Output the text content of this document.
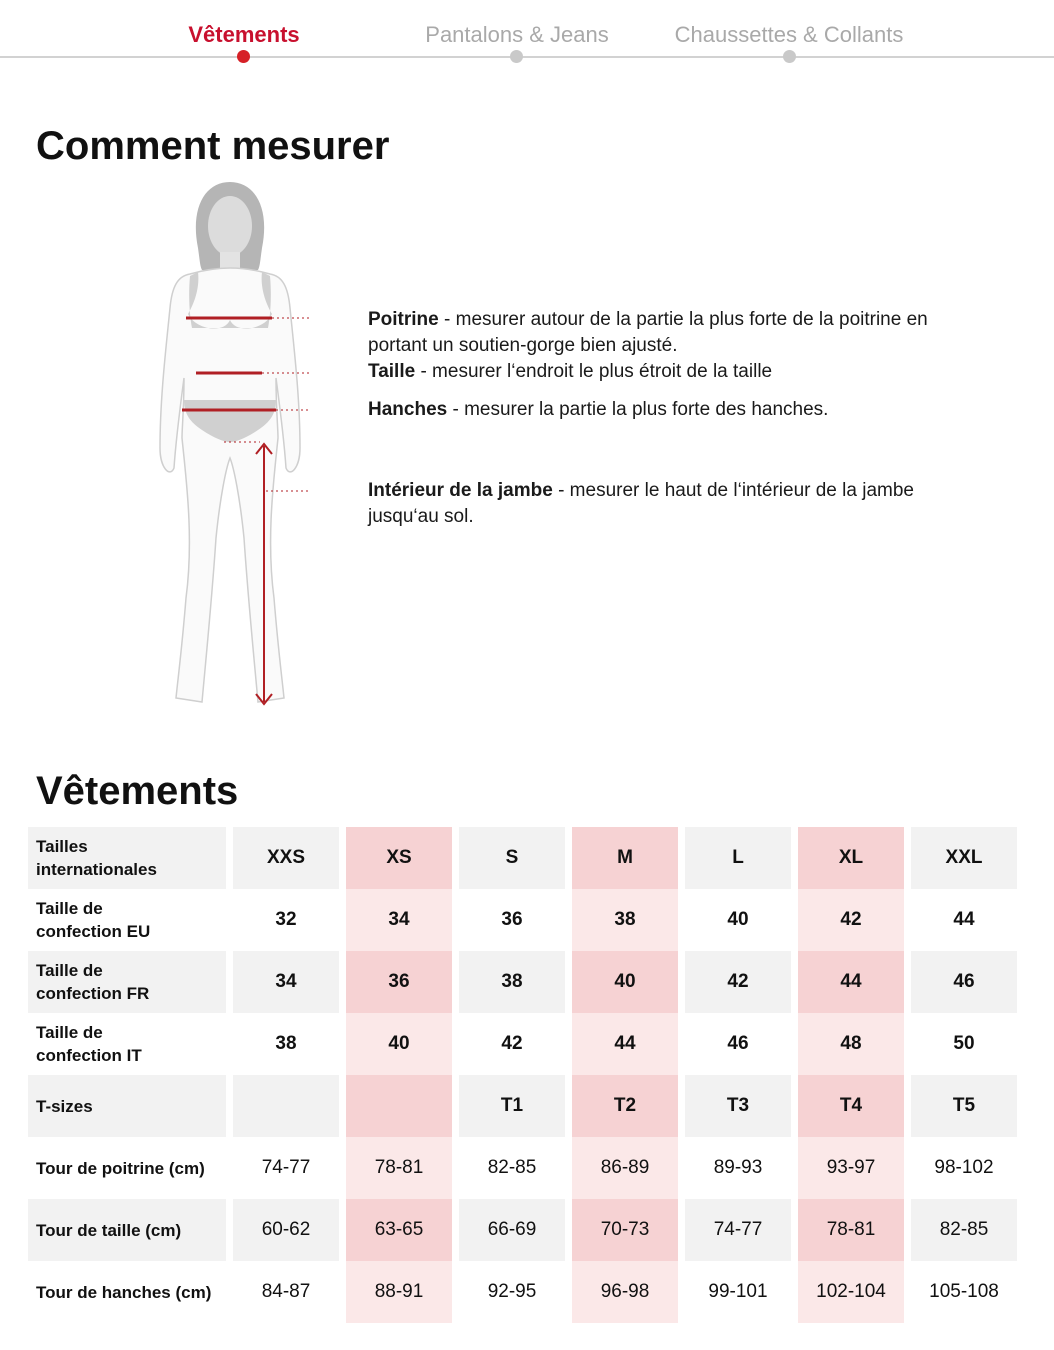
Vêtements	Pantalons & Jeans	Chaussettes & Collants
Comment mesurer
Poitrine - mesurer autour de la partie la plus forte de la poitrine en portant un soutien-gorge bien ajusté.
Taille - mesurer l‘endroit le plus étroit de la taille
Hanches - mesurer la partie la plus forte des hanches.
Intérieur de la jambe - mesurer le haut de l‘intérieur de la jambe jusqu‘au sol.
Vêtements
Tailles
internationales	XXS	XS	S	M	L	XL	XXL
Taille de
confection EU	32	34	36	38	40	42	44
Taille de
confection FR	34	36	38	40	42	44	46
Taille de
confection IT	38	40	42	44	46	48	50
T-sizes			T1	T2	T3	T4	T5
Tour de poitrine (cm)	74-77	78-81	82-85	86-89	89-93	93-97	98-102
Tour de taille (cm)	60-62	63-65	66-69	70-73	74-77	78-81	82-85
Tour de hanches (cm)	84-87	88-91	92-95	96-98	99-101	102-104	105-108
